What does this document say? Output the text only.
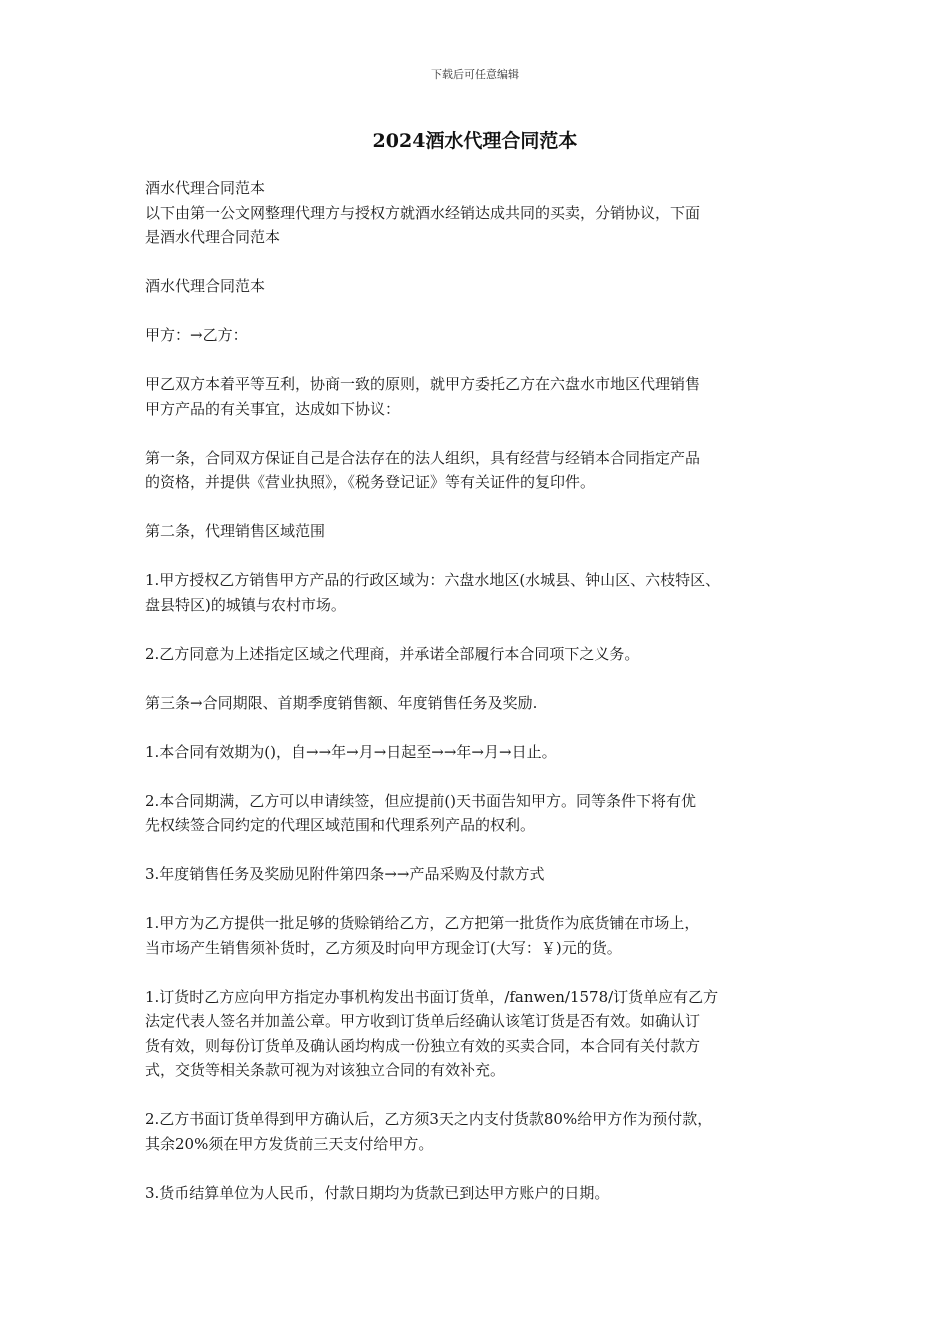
下载后可任意编辑
2024酒水代理合同范本

酒水代理合同范本
以下由第一公文网整理代理方与授权方就酒水经销达成共同的买卖，分销协议，下面
是酒水代理合同范本

酒水代理合同范本

甲方：→乙方：

甲乙双方本着平等互利，协商一致的原则，就甲方委托乙方在六盘水市地区代理销售
甲方产品的有关事宜，达成如下协议：

第一条，合同双方保证自己是合法存在的法人组织，具有经营与经销本合同指定产品
的资格，并提供《营业执照》，《税务登记证》等有关证件的复印件。

第二条，代理销售区域范围

1.甲方授权乙方销售甲方产品的行政区域为：六盘水地区(水城县、钟山区、六枝特区、
盘县特区)的城镇与农村市场。

2.乙方同意为上述指定区域之代理商，并承诺全部履行本合同项下之义务。

第三条→合同期限、首期季度销售额、年度销售任务及奖励.

1.本合同有效期为()，自→→年→月→日起至→→年→月→日止。

2.本合同期满，乙方可以申请续签，但应提前()天书面告知甲方。同等条件下将有优
先权续签合同约定的代理区域范围和代理系列产品的权利。

3.年度销售任务及奖励见附件第四条→→产品采购及付款方式

1.甲方为乙方提供一批足够的货赊销给乙方，乙方把第一批货作为底货铺在市场上，
当市场产生销售须补货时，乙方须及时向甲方现金订(大写：￥)元的货。

1.订货时乙方应向甲方指定办事机构发出书面订货单，/fanwen/1578/订货单应有乙方
法定代表人签名并加盖公章。甲方收到订货单后经确认该笔订货是否有效。如确认订
货有效，则每份订货单及确认函均构成一份独立有效的买卖合同，本合同有关付款方
式，交货等相关条款可视为对该独立合同的有效补充。

2.乙方书面订货单得到甲方确认后，乙方须3天之内支付货款80%给甲方作为预付款，
其余20%须在甲方发货前三天支付给甲方。

3.货币结算单位为人民币，付款日期均为货款已到达甲方账户的日期。
